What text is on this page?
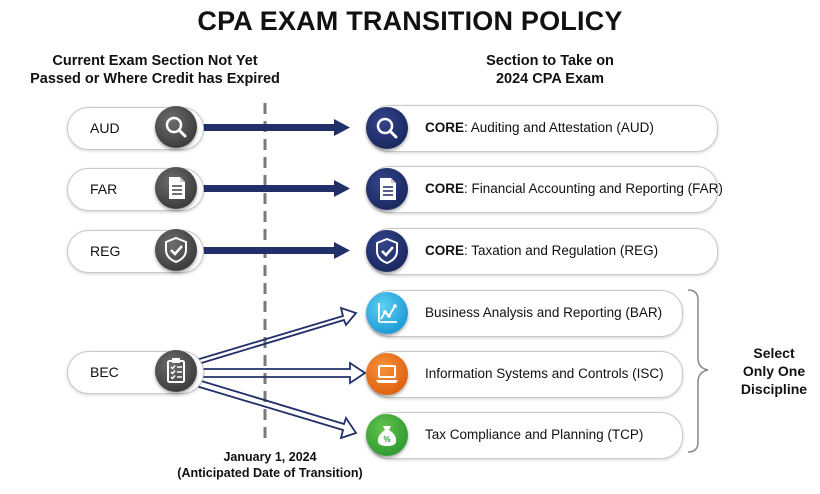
CPA EXAM TRANSITION POLICY
Current Exam Section Not Yet
Passed or Where Credit has Expired
Section to Take on
2024 CPA Exam
AUD
FAR
REG
BEC
CORE: Auditing and Attestation (AUD)
CORE: Financial Accounting and Reporting (FAR)
CORE: Taxation and Regulation (REG)
Business Analysis and Reporting (BAR)
Information Systems and Controls (ISC)
Tax Compliance and Planning (TCP)
%
January 1, 2024
(Anticipated Date of Transition)
Select
Only One
Discipline
